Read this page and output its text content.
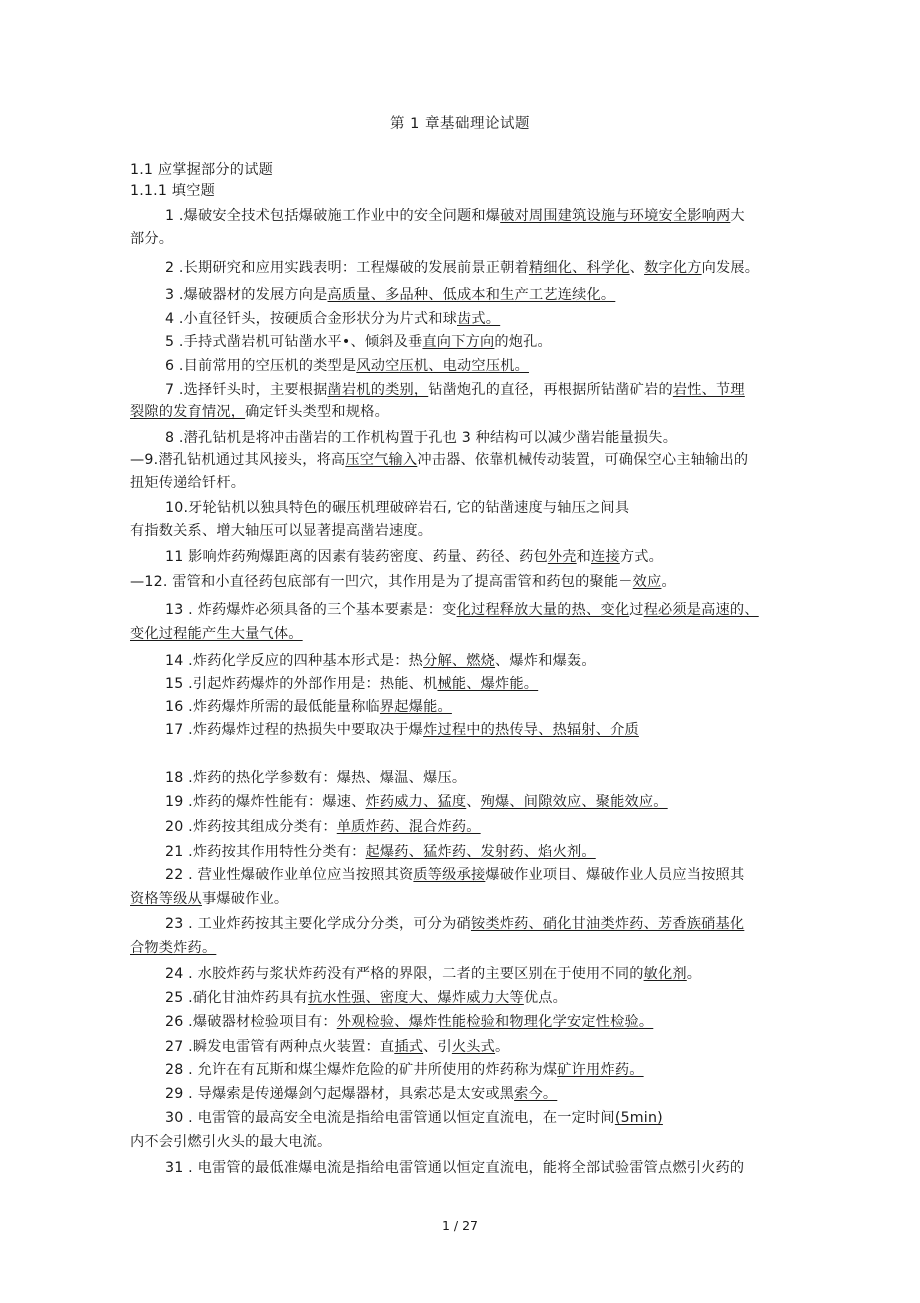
第 1 章基础理论试题
1.1 应掌握部分的试题
1.1.1 填空题
1 .爆破安全技术包括爆破施工作业中的安全问题和爆破对周围建筑设施与环境安全影响两大
部分。
2 .长期研究和应用实践表明：工程爆破的发展前景正朝着精细化、科学化、数字化方向发展。
3 .爆破器材的发展方向是高质量、多品种、低成本和生产工艺连续化。
4 .小直径钎头，按硬质合金形状分为片式和球齿式。
5 .手持式凿岩机可钻凿水平•、倾斜及垂直向下方向的炮孔。
6 .目前常用的空压机的类型是风动空压机、电动空压机。
7 .选择钎头时，主要根据凿岩机的类别，钻凿炮孔的直径，再根据所钻凿矿岩的岩性、节理
裂隙的发育情况，确定钎头类型和规格。
8 .潜孔钻机是将冲击凿岩的工作机构置于孔也 3 种结构可以减少凿岩能量损失。
—9.潜孔钻机通过其风接头，将高压空气输入冲击器、依靠机械传动装置，可确保空心主轴输出的
扭矩传递给钎杆。
10.牙轮钻机以独具特色的碾压机理破碎岩石, 它的钻凿速度与轴压之间具
有指数关系、增大轴压可以显著提高凿岩速度。
11 影响炸药殉爆距离的因素有装药密度、药量、药径、药包外壳和连接方式。
—12. 雷管和小直径药包底部有一凹穴，其作用是为了提高雷管和药包的聚能－效应。
13 . 炸药爆炸必须具备的三个基本要素是：变化过程释放大量的热、变化过程必须是高速的、
变化过程能产生大量气体。
14 .炸药化学反应的四种基本形式是：热分解、燃烧、爆炸和爆轰。
15 .引起炸药爆炸的外部作用是：热能、机械能、爆炸能。
16 .炸药爆炸所需的最低能量称临界起爆能。
17 .炸药爆炸过程的热损失中要取决于爆炸过程中的热传导、热辐射、介质
18 .炸药的热化学参数有：爆热、爆温、爆压。
19 .炸药的爆炸性能有：爆速、炸药威力、猛度、殉爆、间隙效应、聚能效应。
20 .炸药按其组成分类有：单质炸药、混合炸药。
21 .炸药按其作用特性分类有：起爆药、猛炸药、发射药、焰火剂。
22 . 营业性爆破作业单位应当按照其资质等级承接爆破作业项目、爆破作业人员应当按照其
资格等级从事爆破作业。
23 . 工业炸药按其主要化学成分分类，可分为硝铵类炸药、硝化甘油类炸药、芳香族硝基化
合物类炸药。
24 . 水胶炸药与浆状炸药没有严格的界限，二者的主要区别在于使用不同的敏化剂。
25 .硝化甘油炸药具有抗水性强、密度大、爆炸威力大等优点。
26 .爆破器材检验项目有：外观检验、爆炸性能检验和物理化学安定性检验。
27 .瞬发电雷管有两种点火装置：直插式、引火头式。
28 . 允许在有瓦斯和煤尘爆炸危险的矿井所使用的炸药称为煤矿许用炸药。
29 . 导爆索是传递爆剑勺起爆器材，具索芯是太安或黑索今。
30 . 电雷管的最高安全电流是指给电雷管通以恒定直流电，在一定时间(5min)
内不会引燃引火头的最大电流。
31 . 电雷管的最低准爆电流是指给电雷管通以恒定直流电，能将全部试验雷管点燃引火药的
1 / 27
